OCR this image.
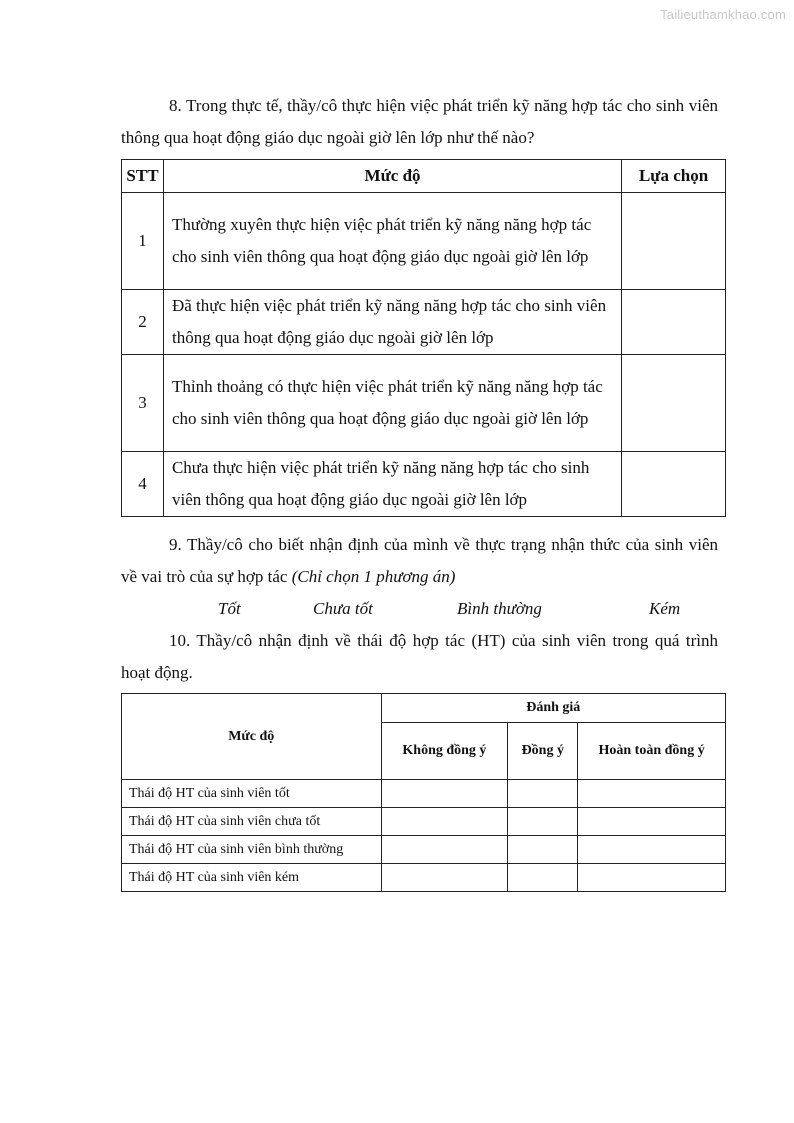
Tailieuthamkhao.com

8. Trong thực tế, thầy/cô thực hiện việc phát triển kỹ năng hợp tác cho sinh viên thông qua hoạt động giáo dục ngoài giờ lên lớp như thế nào?

STT	Mức độ	Lựa chọn
1	Thường xuyên thực hiện việc phát triển kỹ năng năng hợp tác cho sinh viên thông qua hoạt động giáo dục ngoài giờ lên lớp	
2	Đã thực hiện việc phát triển kỹ năng năng hợp tác cho sinh viên thông qua hoạt động giáo dục ngoài giờ lên lớp	
3	Thỉnh thoảng có thực hiện việc phát triển kỹ năng năng hợp tác cho sinh viên thông qua hoạt động giáo dục ngoài giờ lên lớp	
4	Chưa thực hiện việc phát triển kỹ năng năng hợp tác cho sinh viên thông qua hoạt động giáo dục ngoài giờ lên lớp	

9. Thầy/cô cho biết nhận định của mình về thực trạng nhận thức của sinh viên về vai trò của sự hợp tác (Chỉ chọn 1 phương án)

Tốt	Chưa tốt	Bình thường	Kém

10. Thầy/cô nhận định về thái độ hợp tác (HT) của sinh viên trong quá trình hoạt động.

Mức độ	Đánh giá		
	Không đồng ý	Đồng ý	Hoàn toàn đồng ý
Thái độ HT của sinh viên tốt			
Thái độ HT của sinh viên chưa tốt			
Thái độ HT của sinh viên bình thường			
Thái độ HT của sinh viên kém			
